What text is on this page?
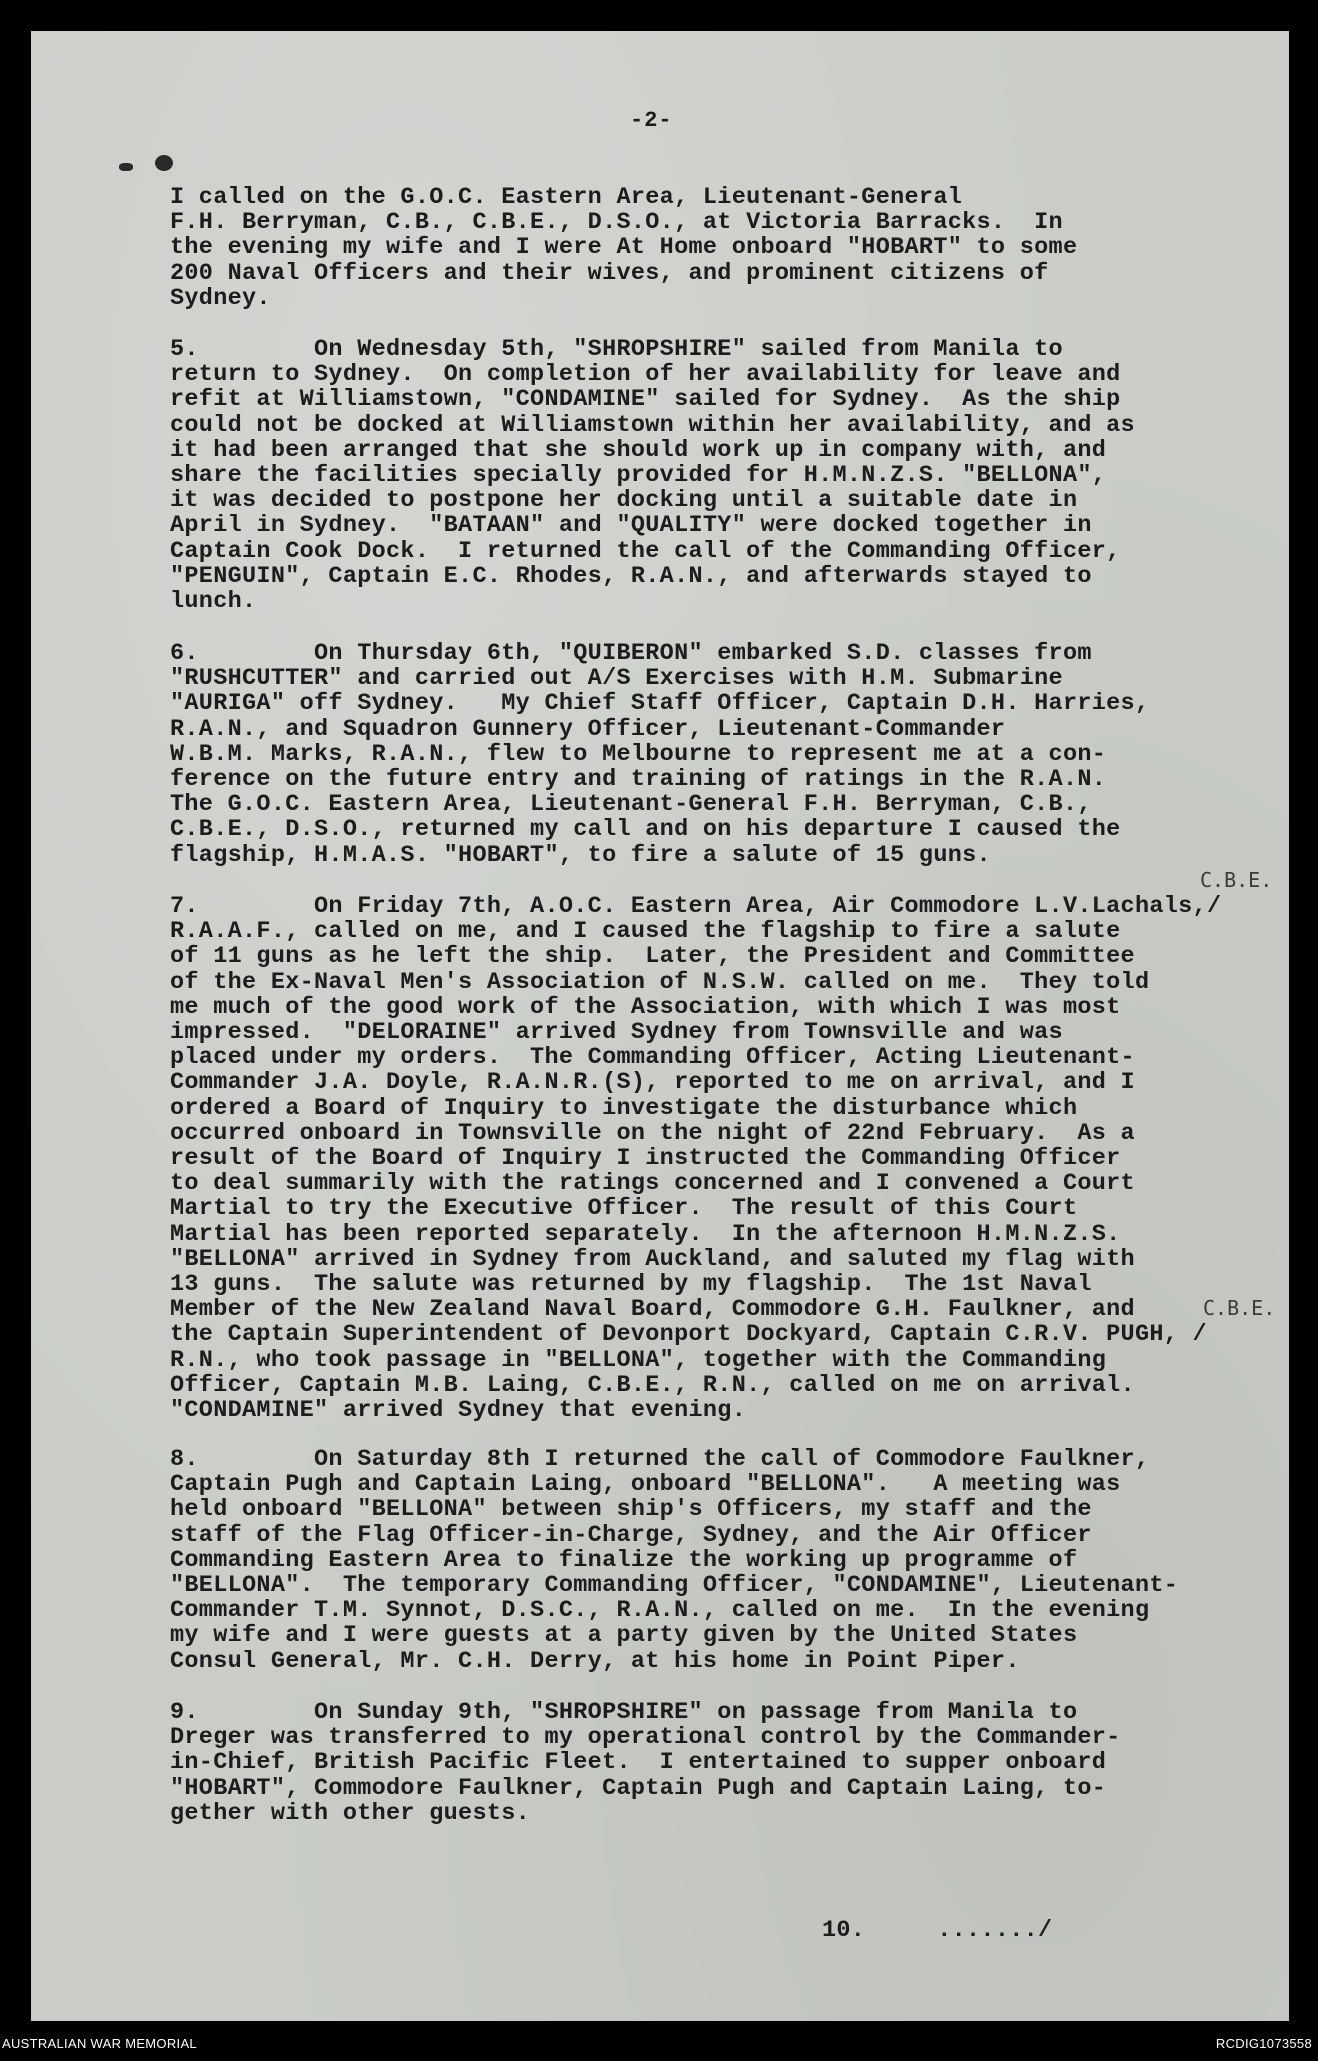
-2-
I called on the G.O.C. Eastern Area, Lieutenant-General
F.H. Berryman, C.B., C.B.E., D.S.O., at Victoria Barracks.  In
the evening my wife and I were At Home onboard "HOBART" to some
200 Naval Officers and their wives, and prominent citizens of
Sydney.
5.        On Wednesday 5th, "SHROPSHIRE" sailed from Manila to
return to Sydney.  On completion of her availability for leave and
refit at Williamstown, "CONDAMINE" sailed for Sydney.  As the ship
could not be docked at Williamstown within her availability, and as
it had been arranged that she should work up in company with, and
share the facilities specially provided for H.M.N.Z.S. "BELLONA",
it was decided to postpone her docking until a suitable date in
April in Sydney.  "BATAAN" and "QUALITY" were docked together in
Captain Cook Dock.  I returned the call of the Commanding Officer,
"PENGUIN", Captain E.C. Rhodes, R.A.N., and afterwards stayed to
lunch.
6.        On Thursday 6th, "QUIBERON" embarked S.D. classes from
"RUSHCUTTER" and carried out A/S Exercises with H.M. Submarine
"AURIGA" off Sydney.   My Chief Staff Officer, Captain D.H. Harries,
R.A.N., and Squadron Gunnery Officer, Lieutenant-Commander
W.B.M. Marks, R.A.N., flew to Melbourne to represent me at a con-
ference on the future entry and training of ratings in the R.A.N.
The G.O.C. Eastern Area, Lieutenant-General F.H. Berryman, C.B.,
C.B.E., D.S.O., returned my call and on his departure I caused the
flagship, H.M.A.S. "HOBART", to fire a salute of 15 guns.
7.        On Friday 7th, A.O.C. Eastern Area, Air Commodore L.V.Lachals,/
R.A.A.F., called on me, and I caused the flagship to fire a salute
of 11 guns as he left the ship.  Later, the President and Committee
of the Ex-Naval Men's Association of N.S.W. called on me.  They told
me much of the good work of the Association, with which I was most
impressed.  "DELORAINE" arrived Sydney from Townsville and was
placed under my orders.  The Commanding Officer, Acting Lieutenant-
Commander J.A. Doyle, R.A.N.R.(S), reported to me on arrival, and I
ordered a Board of Inquiry to investigate the disturbance which
occurred onboard in Townsville on the night of 22nd February.  As a
result of the Board of Inquiry I instructed the Commanding Officer
to deal summarily with the ratings concerned and I convened a Court
Martial to try the Executive Officer.  The result of this Court
Martial has been reported separately.  In the afternoon H.M.N.Z.S.
"BELLONA" arrived in Sydney from Auckland, and saluted my flag with
13 guns.  The salute was returned by my flagship.  The 1st Naval
Member of the New Zealand Naval Board, Commodore G.H. Faulkner, and
the Captain Superintendent of Devonport Dockyard, Captain C.R.V. PUGH, /
R.N., who took passage in "BELLONA", together with the Commanding
Officer, Captain M.B. Laing, C.B.E., R.N., called on me on arrival.
"CONDAMINE" arrived Sydney that evening.
8.        On Saturday 8th I returned the call of Commodore Faulkner,
Captain Pugh and Captain Laing, onboard "BELLONA".   A meeting was
held onboard "BELLONA" between ship's Officers, my staff and the
staff of the Flag Officer-in-Charge, Sydney, and the Air Officer
Commanding Eastern Area to finalize the working up programme of
"BELLONA".  The temporary Commanding Officer, "CONDAMINE", Lieutenant-
Commander T.M. Synnot, D.S.C., R.A.N., called on me.  In the evening
my wife and I were guests at a party given by the United States
Consul General, Mr. C.H. Derry, at his home in Point Piper.
9.        On Sunday 9th, "SHROPSHIRE" on passage from Manila to
Dreger was transferred to my operational control by the Commander-
in-Chief, British Pacific Fleet.  I entertained to supper onboard
"HOBART", Commodore Faulkner, Captain Pugh and Captain Laing, to-
gether with other guests.
C.B.E.
C.B.E.
10.     ......./
AUSTRALIAN WAR MEMORIAL	RCDIG1073558
